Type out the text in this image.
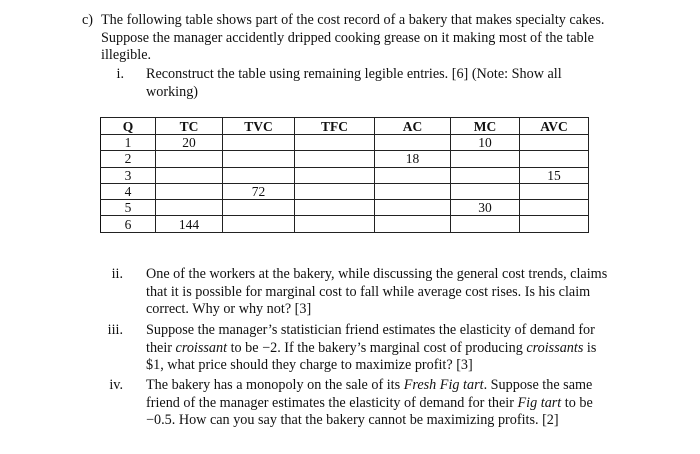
c) The following table shows part of the cost record of a bakery that makes specialty cakes.
Suppose the manager accidently dripped cooking grease on it making most of the table
illegible.
i. Reconstruct the table using remaining legible entries. [6] (Note: Show all
working)
Q	TC	TVC	TFC	AC	MC	AVC
1	20				10	
2				18		
3						15
4		72				
5					30	
6	144					
ii. One of the workers at the bakery, while discussing the general cost trends, claims
that it is possible for marginal cost to fall while average cost rises. Is his claim
correct. Why or why not? [3]
iii. Suppose the manager’s statistician friend estimates the elasticity of demand for
their croissant to be −2. If the bakery’s marginal cost of producing croissants is
$1, what price should they charge to maximize profit? [3]
iv. The bakery has a monopoly on the sale of its Fresh Fig tart. Suppose the same
friend of the manager estimates the elasticity of demand for their Fig tart to be
−0.5. How can you say that the bakery cannot be maximizing profits. [2]
